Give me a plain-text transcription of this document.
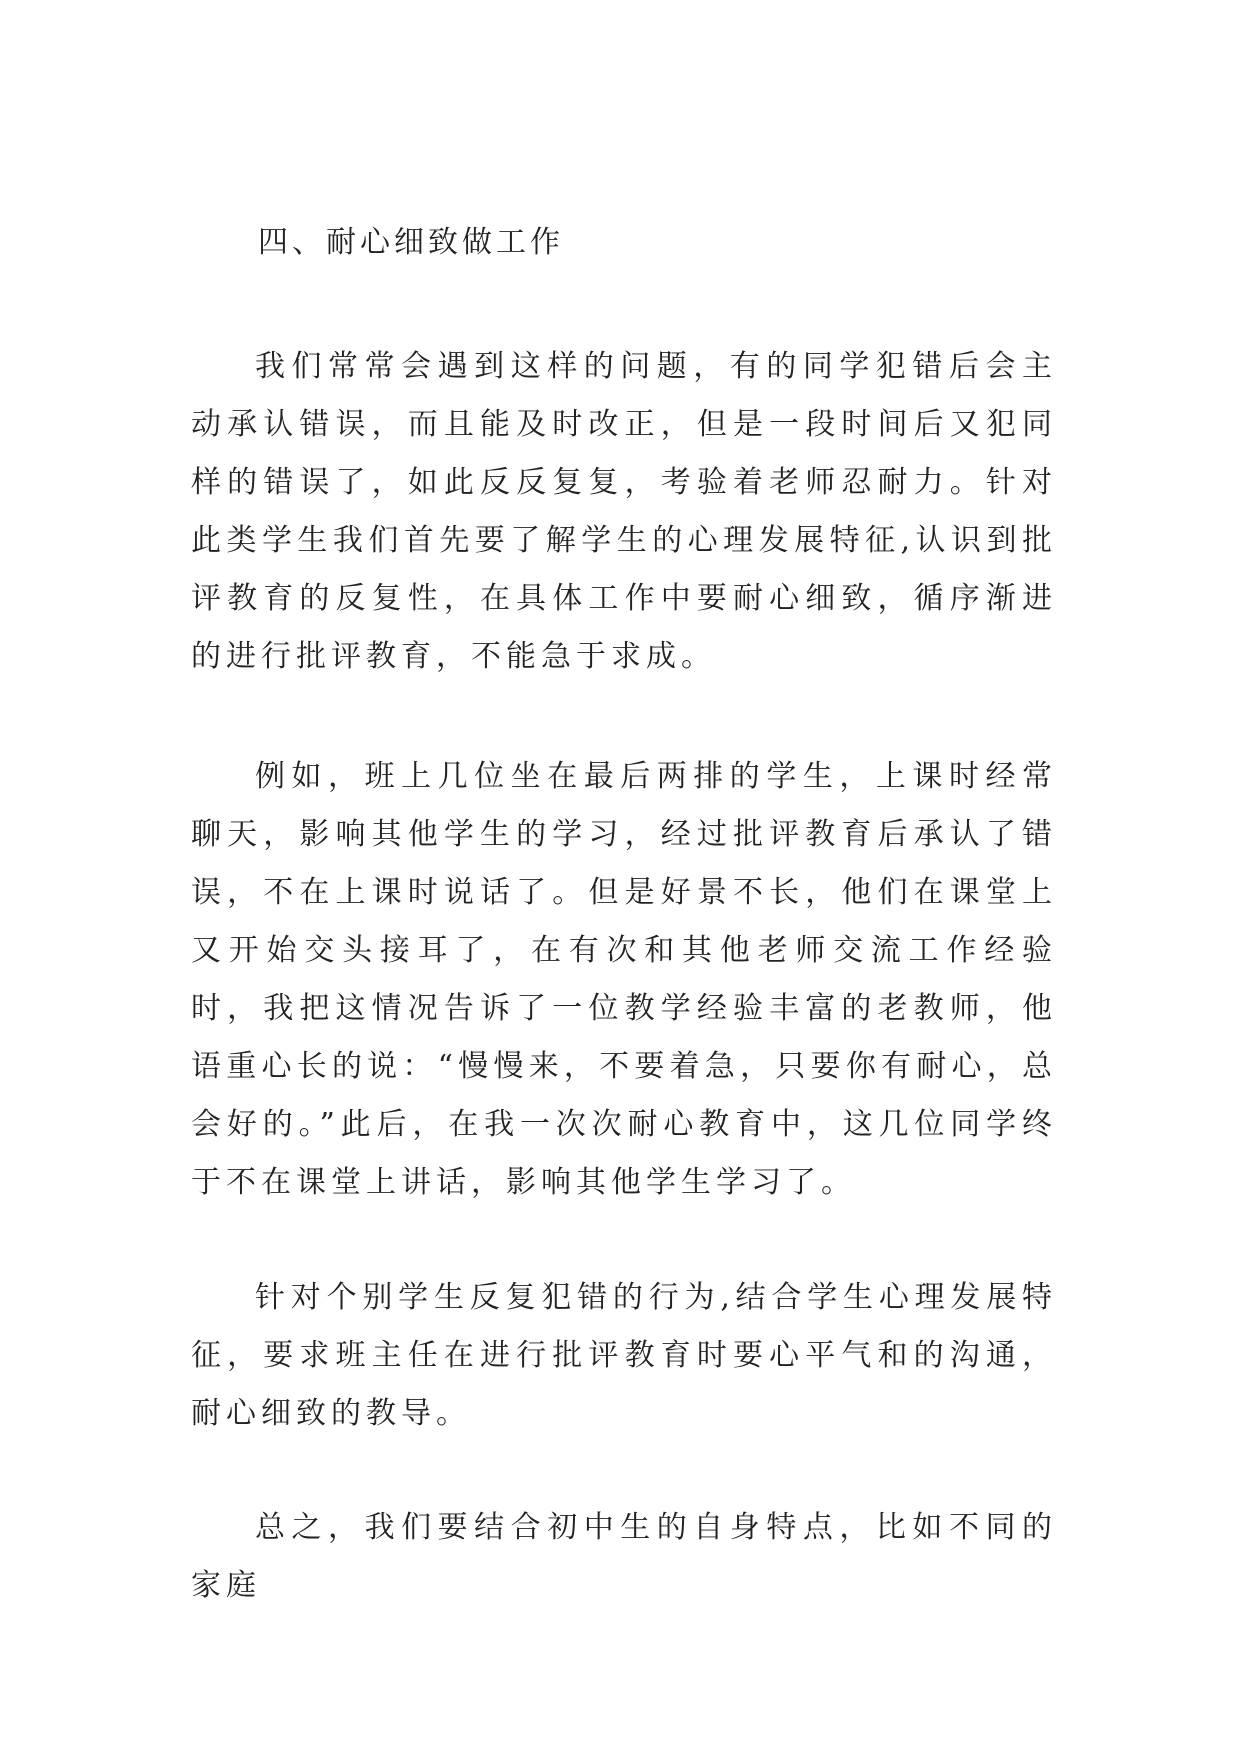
四、耐心细致做工作

我们常常会遇到这样的问题，有的同学犯错后会主动承认错误，而且能及时改正，但是一段时间后又犯同样的错误了，如此反反复复，考验着老师忍耐力。针对此类学生我们首先要了解学生的心理发展特征,认识到批评教育的反复性，在具体工作中要耐心细致，循序渐进的进行批评教育，不能急于求成。

例如，班上几位坐在最后两排的学生，上课时经常聊天，影响其他学生的学习，经过批评教育后承认了错误，不在上课时说话了。但是好景不长，他们在课堂上又开始交头接耳了，在有次和其他老师交流工作经验时，我把这情况告诉了一位教学经验丰富的老教师，他语重心长的说：“慢慢来，不要着急，只要你有耐心，总会好的。”此后，在我一次次耐心教育中，这几位同学终于不在课堂上讲话，影响其他学生学习了。

针对个别学生反复犯错的行为,结合学生心理发展特征，要求班主任在进行批评教育时要心平气和的沟通，耐心细致的教导。

总之，我们要结合初中生的自身特点，比如不同的家庭
